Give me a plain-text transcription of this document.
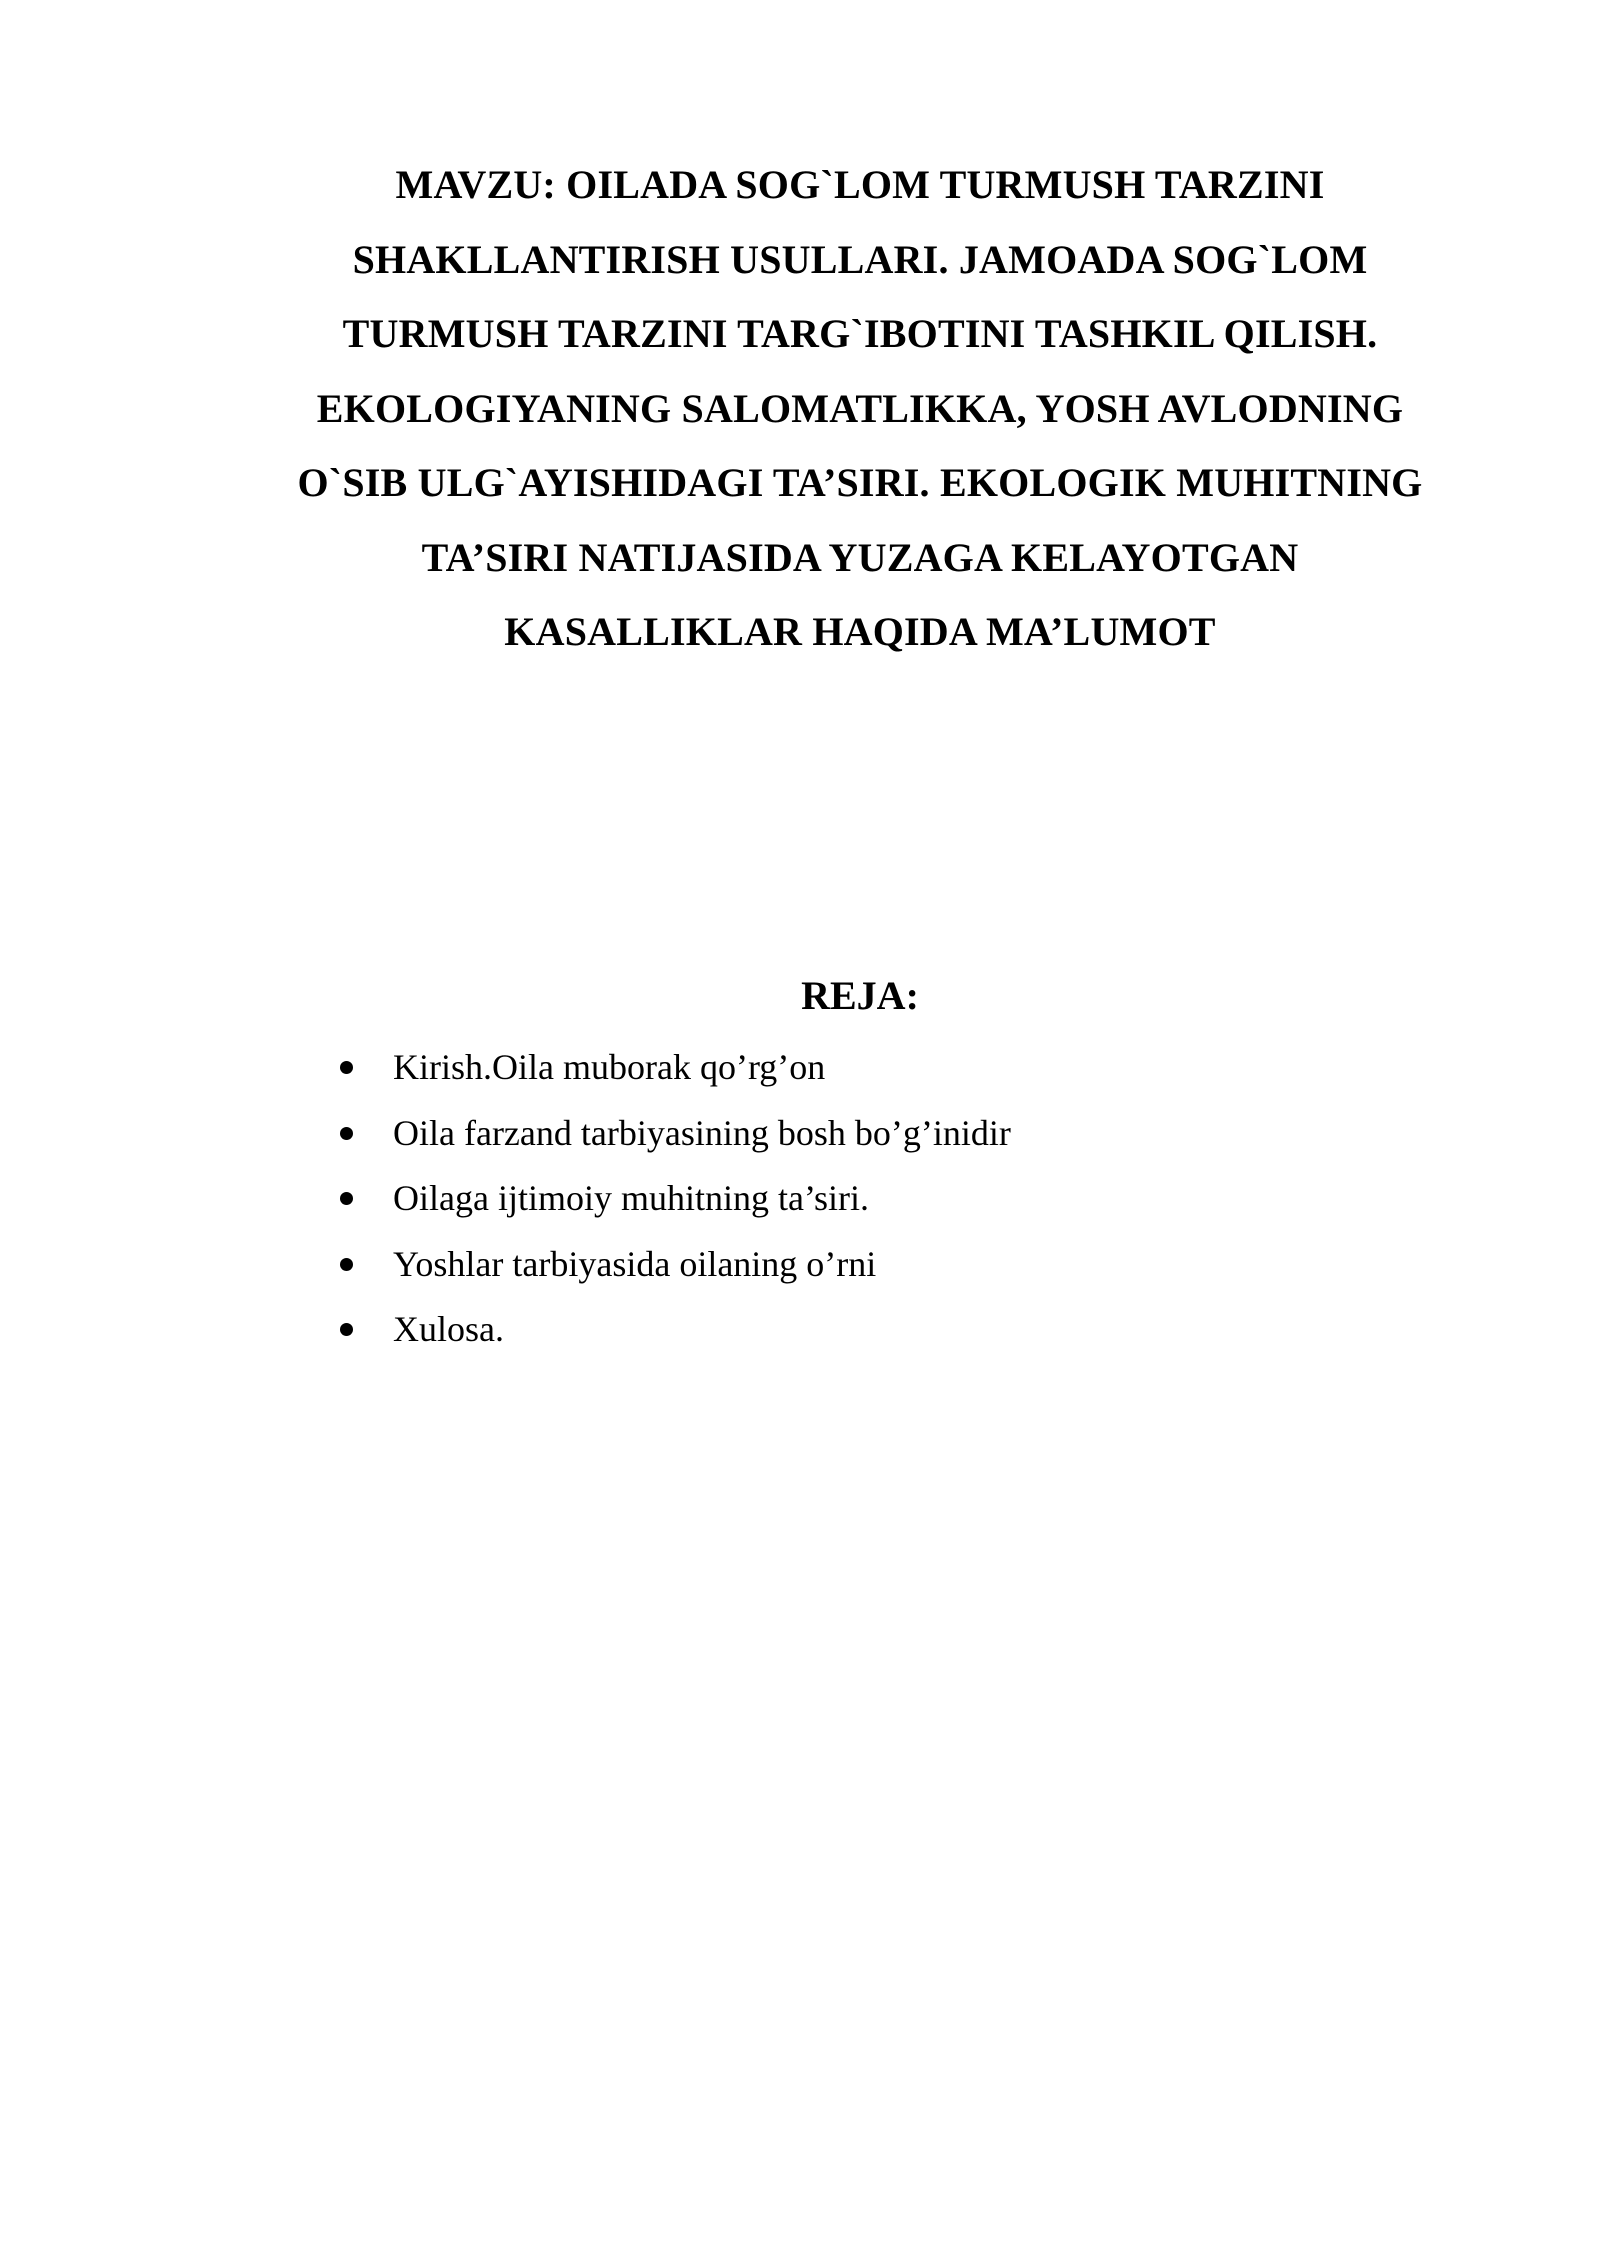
MAVZU: OILADA SOG`LOM TURMUSH TARZINI
SHAKLLANTIRISH USULLARI. JAMOADA SOG`LOM
TURMUSH TARZINI TARG`IBOTINI TASHKIL QILISH.
EKOLOGIYANING SALOMATLIKKA, YOSH AVLODNING
O`SIB ULG`AYISHIDAGI TA’SIRI. EKOLOGIK MUHITNING
TA’SIRI NATIJASIDA YUZAGA KELAYOTGAN
KASALLIKLAR HAQIDA MA’LUMOT
REJA:
Kirish.Oila muborak qo’rg’on
Oila farzand tarbiyasining bosh bo’g’inidir
Oilaga ijtimoiy muhitning ta’siri.
Yoshlar tarbiyasida oilaning o’rni
Xulosa.
